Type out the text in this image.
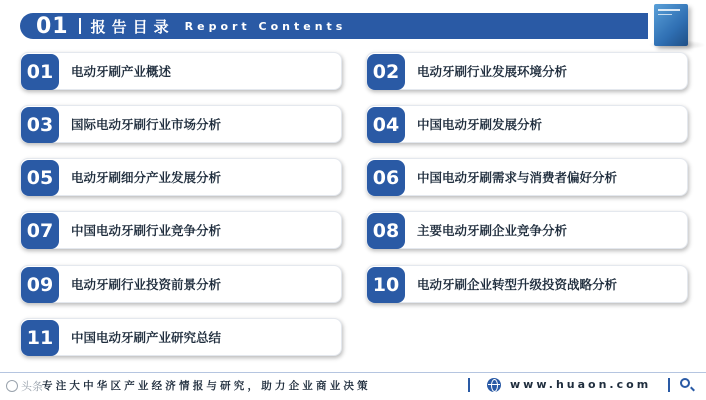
01 报告目录 Report Contents
01	电动牙刷产业概述	02	电动牙刷行业发展环境分析
03	国际电动牙刷行业市场分析	04	中国电动牙刷发展分析
05	电动牙刷细分产业发展分析	06	中国电动牙刷需求与消费者偏好分析
07	中国电动牙刷行业竞争分析	08	主要电动牙刷企业竞争分析
09	电动牙刷行业投资前景分析	10	电动牙刷企业转型升级投资战略分析
11	中国电动牙刷产业研究总结
头条 专注大中华区产业经济情报与研究，助力企业商业决策	www.huaon.com
